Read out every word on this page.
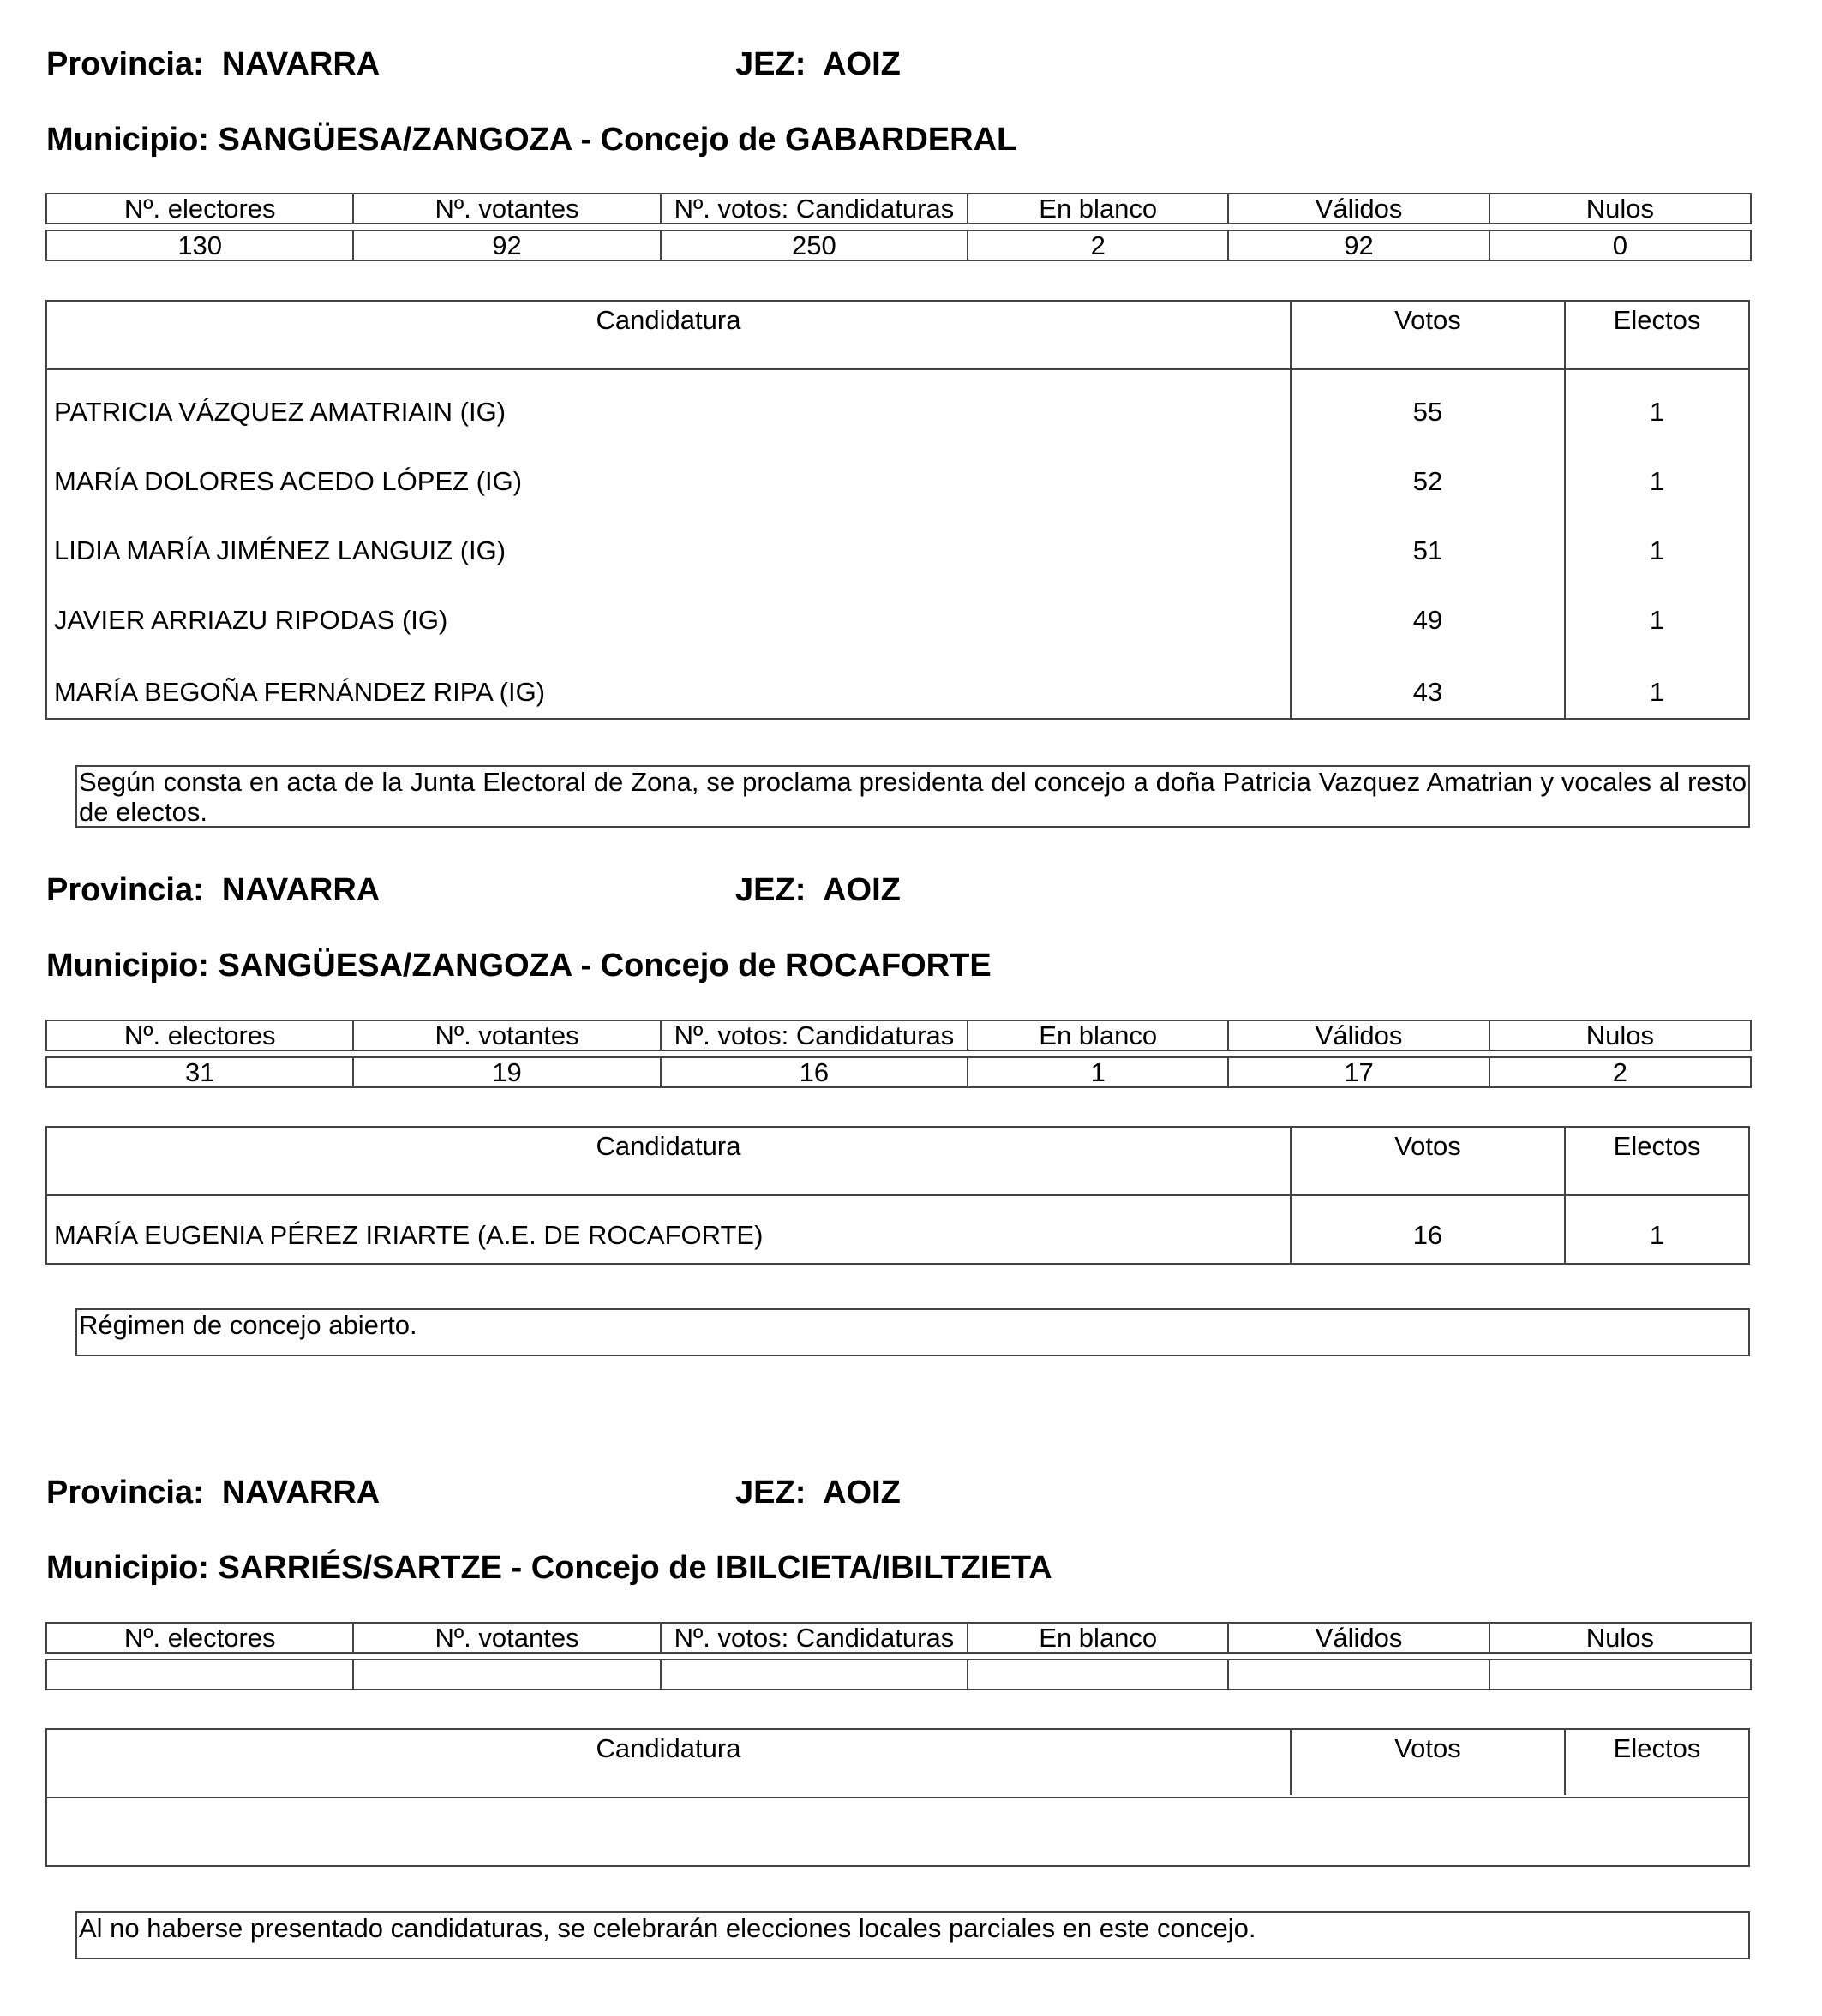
Provincia: NAVARRA	JEZ: AOIZ
Municipio: SANGÜESA/ZANGOZA - Concejo de GABARDERAL
Nº. electores	Nº. votantes	Nº. votos: Candidaturas	En blanco	Válidos	Nulos

130	92	250	2	92	0
Candidatura	Votos	Electos
PATRICIA VÁZQUEZ AMATRIAIN (IG)	55	1
MARÍA DOLORES ACEDO LÓPEZ (IG)	52	1
LIDIA MARÍA JIMÉNEZ LANGUIZ (IG)	51	1
JAVIER ARRIAZU RIPODAS (IG)	49	1
MARÍA BEGOÑA FERNÁNDEZ RIPA (IG)	43	1
Según consta en acta de la Junta Electoral de Zona, se proclama presidenta del concejo a doña Patricia Vazquez Amatrian y vocales al resto de electos.
Provincia: NAVARRA	JEZ: AOIZ
Municipio: SANGÜESA/ZANGOZA - Concejo de ROCAFORTE
Nº. electores	Nº. votantes	Nº. votos: Candidaturas	En blanco	Válidos	Nulos

31	19	16	1	17	2
Candidatura	Votos	Electos
MARÍA EUGENIA PÉREZ IRIARTE (A.E. DE ROCAFORTE)	16	1
Régimen de concejo abierto.
Provincia: NAVARRA	JEZ: AOIZ
Municipio: SARRIÉS/SARTZE - Concejo de IBILCIETA/IBILTZIETA
Nº. electores	Nº. votantes	Nº. votos: Candidaturas	En blanco	Válidos	Nulos

Candidatura	Votos	Electos
Al no haberse presentado candidaturas, se celebrarán elecciones locales parciales en este concejo.
